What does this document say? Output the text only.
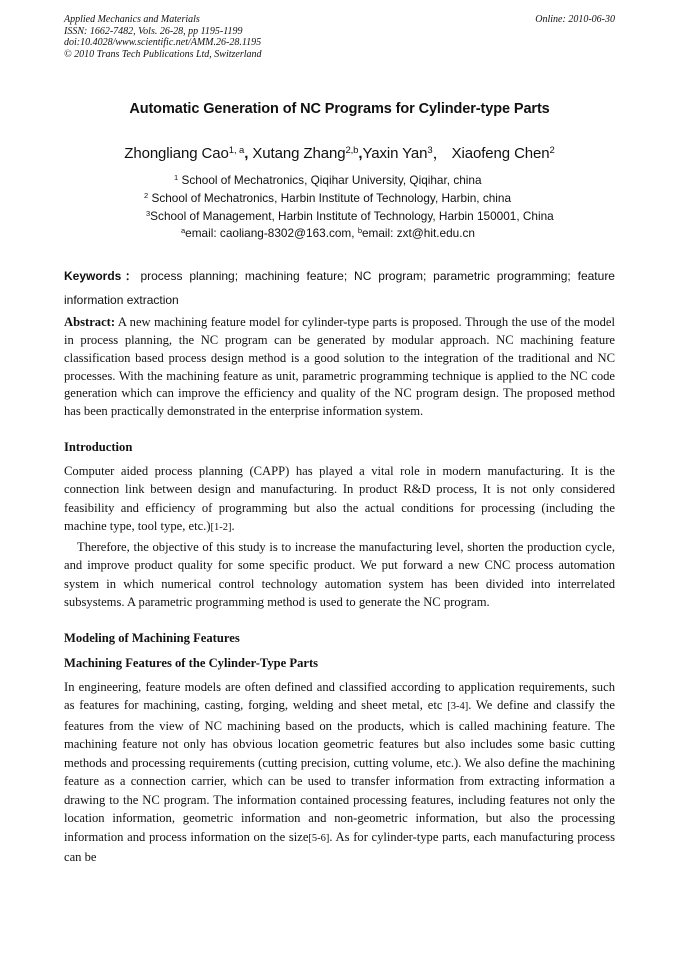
Applied Mechanics and Materials
ISSN: 1662-7482, Vols. 26-28, pp 1195-1199
doi:10.4028/www.scientific.net/AMM.26-28.1195
© 2010 Trans Tech Publications Ltd, Switzerland
Online: 2010-06-30
Automatic Generation of NC Programs for Cylinder-type Parts
Zhongliang Cao$^{1, a}$, Xutang Zhang$^{2,b}$,Yaxin Yan$^3$， Xiaofeng Chen$^2$
$^1$ School of Mechatronics, Qiqihar University, Qiqihar, china
$^2$ School of Mechatronics, Harbin Institute of Technology, Harbin, china
$^3$School of Management, Harbin Institute of Technology, Harbin 150001, China
$^a$email: caoliang-8302@163.com, $^b$email: zxt@hit.edu.cn
Keywords：process planning; machining feature; NC program; parametric programming; feature information extraction
Abstract: A new machining feature model for cylinder-type parts is proposed. Through the use of the model in process planning, the NC program can be generated by modular approach. NC machining feature classification based process design method is a good solution to the integration of the traditional and NC processes. With the machining feature as unit, parametric programming technique is applied to the NC code generation which can improve the efficiency and quality of the NC program design. The proposed method has been practically demonstrated in the enterprise information system.
Introduction

Computer aided process planning (CAPP) has played a vital role in modern manufacturing. It is the connection link between design and manufacturing. In product R&D process, It is not only considered feasibility and efficiency of programming but also the actual conditions for processing (including the machine type, tool type, etc.)[1-2].

Therefore, the objective of this study is to increase the manufacturing level, shorten the production cycle, and improve product quality for some specific product. We put forward a new CNC process automation system in which numerical control technology automation system has been divided into interrelated subsystems. A parametric programming method is used to generate the NC program.

Modeling of Machining Features
Machining Features of the Cylinder-Type Parts

In engineering, feature models are often defined and classified according to application requirements, such as features for machining, casting, forging, welding and sheet metal, etc [3-4]. We define and classify the features from the view of NC machining based on the products, which is called machining feature. The machining feature not only has obvious location geometric features but also includes some basic cutting methods and processing requirements (cutting precision, cutting volume, etc.). We also define the machining feature as a connection carrier, which can be used to transfer information from extracting information a drawing to the NC program. The information contained processing features, including features not only the location information, geometric information and non-geometric information, but also the processing information and process information on the size[5-6]. As for cylinder-type parts, each manufacturing process can be
